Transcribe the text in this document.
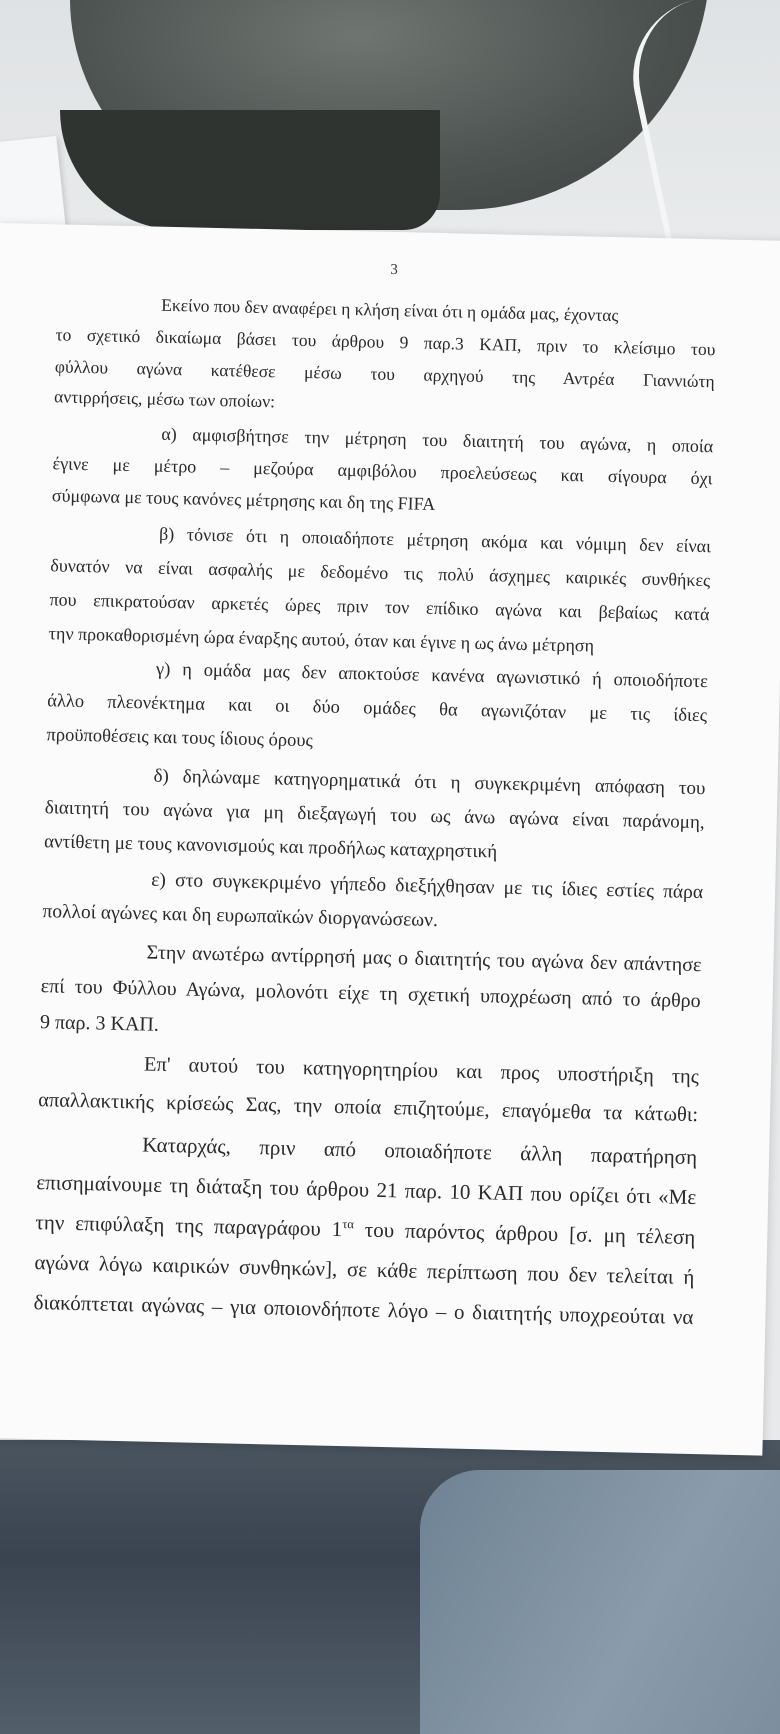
3
Εκείνο που δεν αναφέρει η κλήση είναι ότι η ομάδα μας, έχοντας
το σχετικό δικαίωμα βάσει του άρθρου 9 παρ.3 ΚΑΠ, πριν το κλείσιμο του
φύλλου αγώνα κατέθεσε μέσω του αρχηγού της Αντρέα Γιαννιώτη
αντιρρήσεις, μέσω των οποίων:
α) αμφισβήτησε την μέτρηση του διαιτητή του αγώνα, η οποία
έγινε με μέτρο – μεζούρα αμφιβόλου προελεύσεως και σίγουρα όχι
σύμφωνα με τους κανόνες μέτρησης και δη της FIFA
β) τόνισε ότι η οποιαδήποτε μέτρηση ακόμα και νόμιμη δεν είναι
δυνατόν να είναι ασφαλής με δεδομένο τις πολύ άσχημες καιρικές συνθήκες
που επικρατούσαν αρκετές ώρες πριν τον επίδικο αγώνα και βεβαίως κατά
την προκαθορισμένη ώρα έναρξης αυτού, όταν και έγινε η ως άνω μέτρηση
γ) η ομάδα μας δεν αποκτούσε κανένα αγωνιστικό ή οποιοδήποτε
άλλο πλεονέκτημα και οι δύο ομάδες θα αγωνιζόταν με τις ίδιες
προϋποθέσεις και τους ίδιους όρους
δ) δηλώναμε κατηγορηματικά ότι η συγκεκριμένη απόφαση του
διαιτητή του αγώνα για μη διεξαγωγή του ως άνω αγώνα είναι παράνομη,
αντίθετη με τους κανονισμούς και προδήλως καταχρηστική
ε) στο συγκεκριμένο γήπεδο διεξήχθησαν με τις ίδιες εστίες πάρα
πολλοί αγώνες και δη ευρωπαϊκών διοργανώσεων.
Στην ανωτέρω αντίρρησή μας ο διαιτητής του αγώνα δεν απάντησε
επί του Φύλλου Αγώνα, μολονότι είχε τη σχετική υποχρέωση από το άρθρο
9 παρ. 3 ΚΑΠ.
Επ' αυτού του κατηγορητηρίου και προς υποστήριξη της
απαλλακτικής κρίσεώς Σας, την οποία επιζητούμε, επαγόμεθα τα κάτωθι:
Καταρχάς, πριν από οποιαδήποτε άλλη παρατήρηση
επισημαίνουμε τη διάταξη του άρθρου 21 παρ. 10 ΚΑΠ που ορίζει ότι «Με
την επιφύλαξη της παραγράφου $1^{\tau\alpha}$ του παρόντος άρθρου [σ. μη τέλεση
αγώνα λόγω καιρικών συνθηκών], σε κάθε περίπτωση που δεν τελείται ή
διακόπτεται αγώνας – για οποιονδήποτε λόγο – ο διαιτητής υποχρεούται να
